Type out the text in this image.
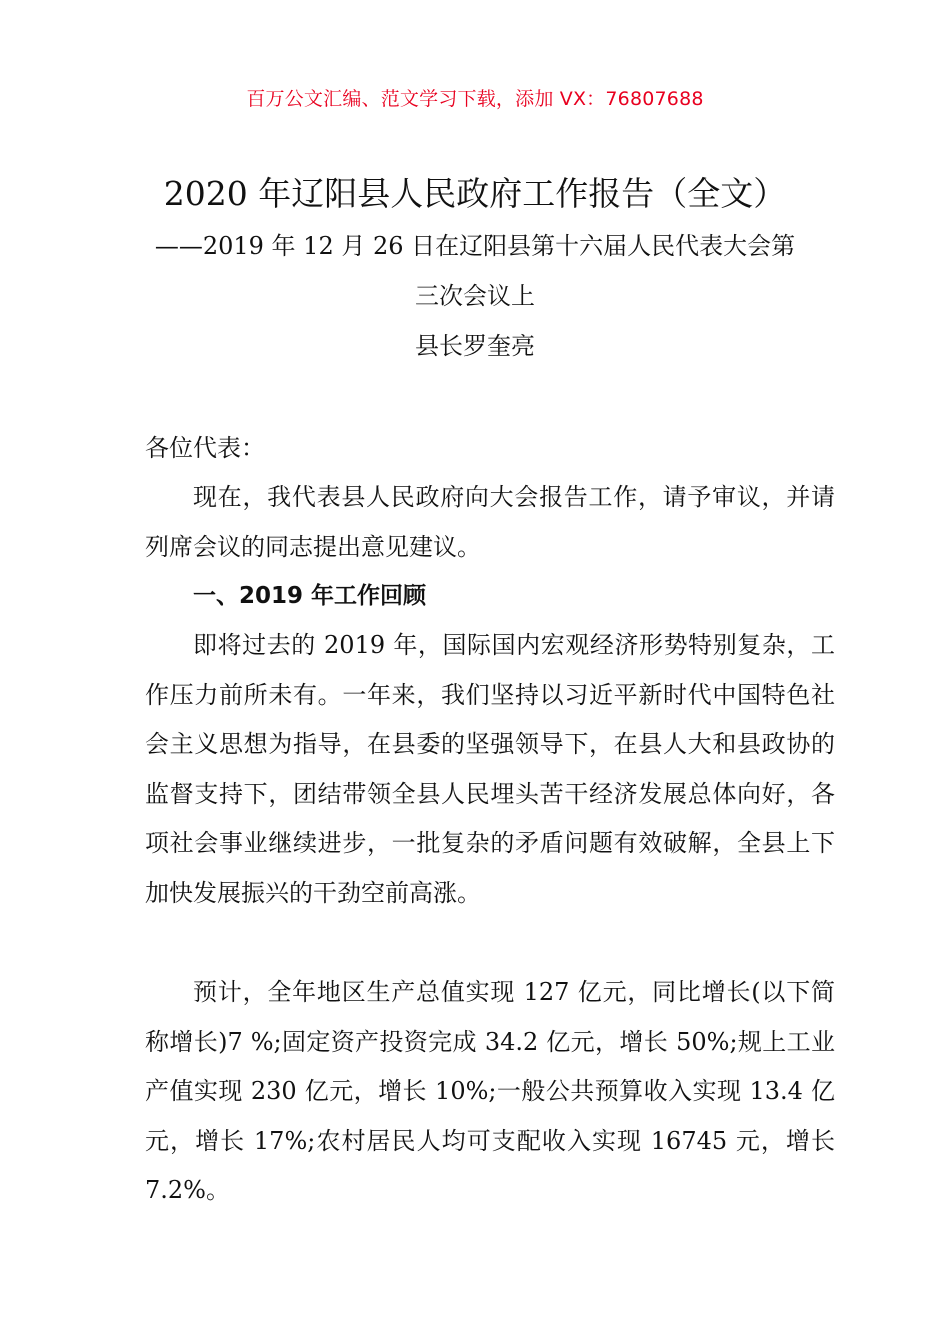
百万公文汇编、范文学习下载，添加 VX：76807688
2020 年辽阳县人民政府工作报告（全文）
——2019 年 12 月 26 日在辽阳县第十六届人民代表大会第
三次会议上
县长罗奎亮
各位代表：
现在，我代表县人民政府向大会报告工作，请予审议，并请列席会议的同志提出意见建议。
一、2019 年工作回顾
即将过去的 2019 年，国际国内宏观经济形势特别复杂，工作压力前所未有。一年来，我们坚持以习近平新时代中国特色社会主义思想为指导，在县委的坚强领导下，在县人大和县政协的监督支持下，团结带领全县人民埋头苦干经济发展总体向好，各项社会事业继续进步，一批复杂的矛盾问题有效破解，全县上下加快发展振兴的干劲空前高涨。
预计，全年地区生产总值实现 127 亿元，同比增长(以下简称增长)7 %;固定资产投资完成 34.2 亿元，增长 50%;规上工业产值实现 230 亿元，增长 10%;一般公共预算收入实现 13.4 亿元，增长 17%;农村居民人均可支配收入实现 16745 元，增长 7.2%。
